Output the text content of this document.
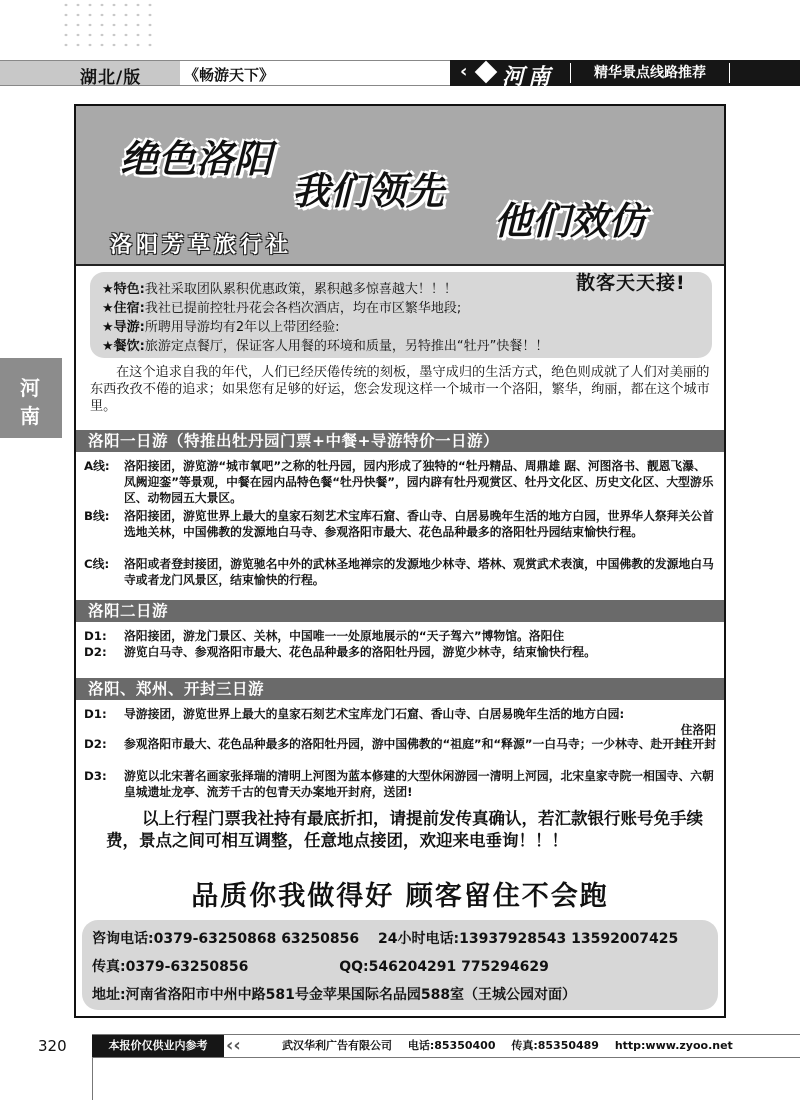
湖北/版	《畅游天下》	‹ 河南	精华景点线路推荐
河
南
绝色洛阳
我们领先
他们效仿
洛阳芳草旅行社
★特色:我社采取团队累积优惠政策，累积越多惊喜越大！！！
★住宿:我社已提前控牡丹花会各档次酒店，均在市区繁华地段;
★导游:所聘用导游均有2年以上带团经验:
★餐饮:旅游定点餐厅，保证客人用餐的环境和质量，另特推出“牡丹”快餐！！
散客天天接!

在这个追求自我的年代，人们已经厌倦传统的刻板，墨守成归的生活方式，绝色则成就了人们对美丽的东西孜孜不倦的追求；如果您有足够的好运，您会发现这样一个城市一个洛阳，繁华，绚丽，都在这个城市里。

洛阳一日游（特推出牡丹园门票+中餐+导游特价一日游）
A线: 洛阳接团，游览游“城市氧吧”之称的牡丹园，园内形成了独特的“牡丹精品、周鼎雄 踞、河图洛书、靓恩飞瀑、凤阙迎銮”等景观，中餐在园内品特色餐“牡丹快餐”，园内辟有牡丹观赏区、牡丹文化区、历史文化区、大型游乐区、动物园五大景区。
B线: 洛阳接团，游览世界上最大的皇家石刻艺术宝库石窟、香山寺、白居易晚年生活的地方白园，世界华人祭拜关公首选地关林，中国佛教的发源地白马寺、参观洛阳市最大、花色品种最多的洛阳牡丹园结束愉快行程。
C线: 洛阳或者登封接团，游览驰名中外的武林圣地禅宗的发源地少林寺、塔林、观赏武术表演，中国佛教的发源地白马寺或者龙门风景区，结束愉快的行程。
洛阳二日游
D1: 洛阳接团，游龙门景区、关林，中国唯一一处原地展示的“天子驾六”博物馆。洛阳住
D2: 游览白马寺、参观洛阳市最大、花色品种最多的洛阳牡丹园，游览少林寺，结束愉快行程。
洛阳、郑州、开封三日游
D1: 导游接团，游览世界上最大的皇家石刻艺术宝库龙门石窟、香山寺、白居易晚年生活的地方白园:
住洛阳
D2: 参观洛阳市最大、花色品种最多的洛阳牡丹园，游中国佛教的“祖庭”和“释源”一白马寺；一少林寺、赴开封:
住开封
D3: 游览以北宋著名画家张择瑞的清明上河图为蓝本修建的大型休闲游园一清明上河园，北宋皇家寺院一相国寺、六朝皇城遗址龙亭、流芳千古的包青天办案地开封府，送团!

以上行程门票我社持有最底折扣，请提前发传真确认，若汇款银行账号免手续费，景点之间可相互调整，任意地点接团，欢迎来电垂询！！！

品质你我做得好 顾客留住不会跑
咨询电话:0379-63250868 63250856 24小时电话:13937928543 13592007425
传真:0379-63250856	QQ:546204291 775294629
地址:河南省洛阳市中州中路581号金苹果国际名品园588室（王城公园对面）
320	本报价仅供业内参考	‹‹	武汉华利广告有限公司 电话:85350400 传真:85350489 http:www.zyoo.net
